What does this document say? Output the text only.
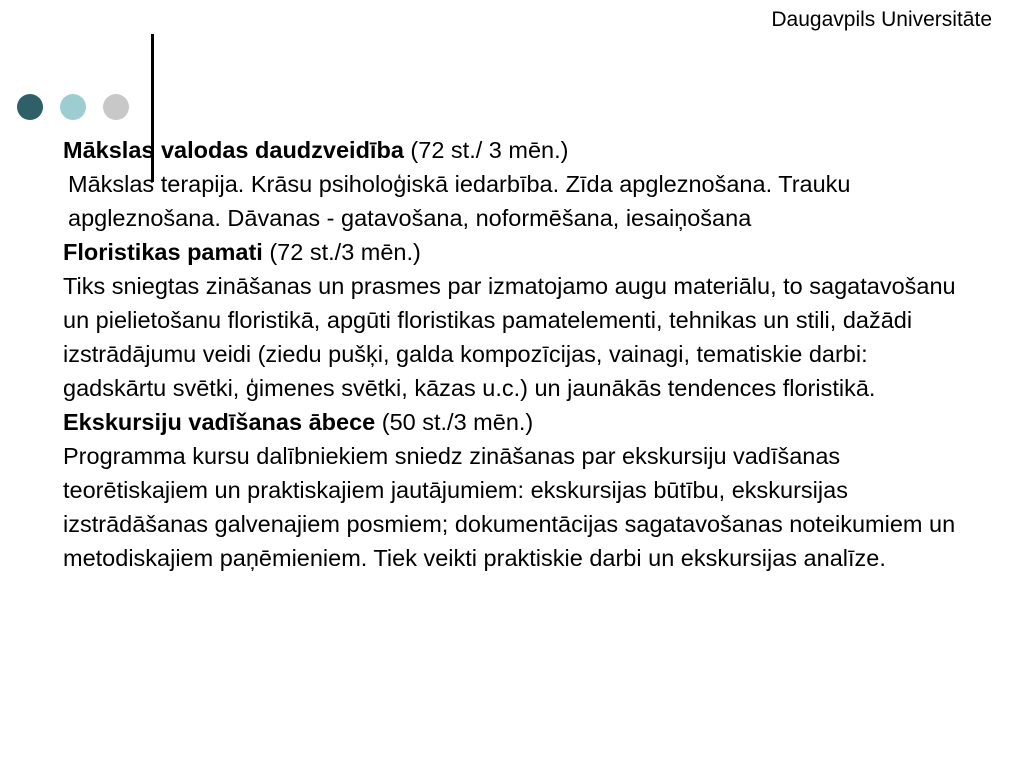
Daugavpils Universitāte

Mākslas valodas daudzveidība (72 st./ 3 mēn.)

Mākslas terapija. Krāsu psiholoģiskā iedarbība. Zīda apgleznošana. Trauku apgleznošana. Dāvanas - gatavošana, noformēšana, iesaiņošana

Floristikas pamati (72 st./3 mēn.)

Tiks sniegtas zināšanas un prasmes par izmatojamo augu materiālu, to sagatavošanu un pielietošanu floristikā, apgūti floristikas pamatelementi, tehnikas un stili, dažādi izstrādājumu veidi (ziedu pušķi, galda kompozīcijas, vainagi, tematiskie darbi: gadskārtu svētki, ģimenes svētki, kāzas u.c.) un jaunākās tendences floristikā.

Ekskursiju vadīšanas ābece (50 st./3 mēn.)

Programma kursu dalībniekiem sniedz zināšanas par ekskursiju vadīšanas teorētiskajiem un praktiskajiem jautājumiem: ekskursijas būtību, ekskursijas izstrādāšanas galvenajiem posmiem; dokumentācijas sagatavošanas noteikumiem un metodiskajiem paņēmieniem. Tiek veikti praktiskie darbi un ekskursijas analīze.
